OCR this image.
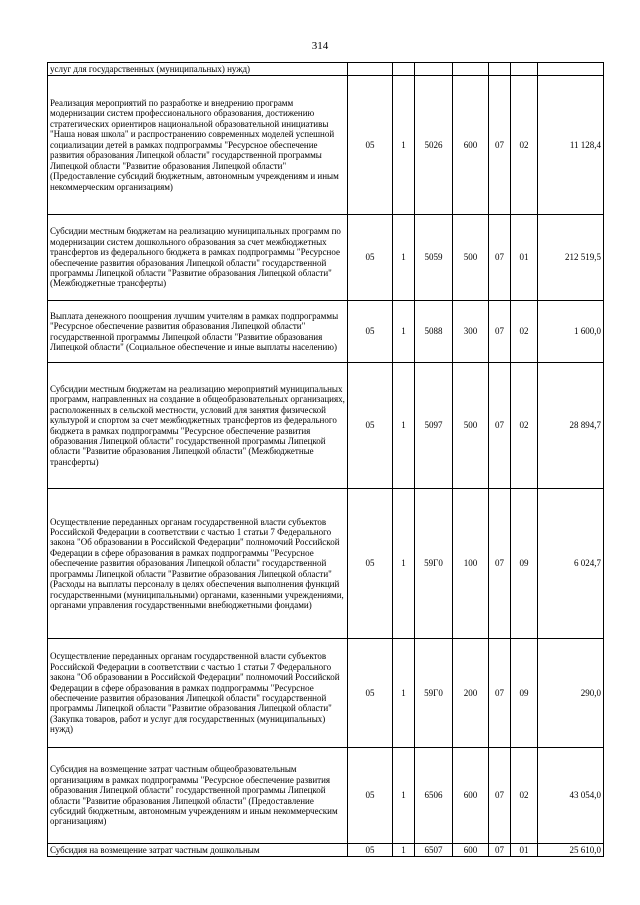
314
услуг для государственных (муниципальных) нужд)							
Реализация мероприятий по разработке и внедрению программ модернизации систем профессионального образования, достижению стратегических ориентиров национальной образовательной инициативы "Наша новая школа" и распространению современных моделей успешной социализации детей в рамках подпрограммы "Ресурсное обеспечение развития образования Липецкой области" государственной программы Липецкой области "Развитие образования Липецкой области" (Предоставление субсидий бюджетным, автономным учреждениям и иным некоммерческим организациям)	05	1	5026	600	07	02	11 128,4
Субсидии местным бюджетам на реализацию муниципальных программ по модернизации систем дошкольного образования за счет межбюджетных трансфертов из федерального бюджета в рамках подпрограммы "Ресурсное обеспечение развития образования Липецкой области" государственной программы Липецкой области "Развитие образования Липецкой области" (Межбюджетные трансферты)	05	1	5059	500	07	01	212 519,5
Выплата денежного поощрения лучшим учителям в рамках подпрограммы "Ресурсное обеспечение развития образования Липецкой области" государственной программы Липецкой области "Развитие образования Липецкой области" (Социальное обеспечение и иные выплаты населению)	05	1	5088	300	07	02	1 600,0
Субсидии местным бюджетам на реализацию мероприятий муниципальных программ, направленных на создание в общеобразовательных организациях, расположенных в сельской местности, условий для занятия физической культурой и спортом за счет межбюджетных трансфертов из федерального бюджета в рамках подпрограммы "Ресурсное обеспечение развития образования Липецкой области" государственной программы Липецкой области "Развитие образования Липецкой области" (Межбюджетные трансферты)	05	1	5097	500	07	02	28 894,7
Осуществление переданных органам государственной власти субъектов Российской Федерации в соответствии с частью 1 статьи 7 Федерального закона "Об образовании в Российской Федерации" полномочий Российской Федерации в сфере образования в рамках подпрограммы "Ресурсное обеспечение развития образования Липецкой области" государственной программы Липецкой области "Развитие образования Липецкой области" (Расходы на выплаты персоналу в целях обеспечения выполнения функций государственными (муниципальными) органами, казенными учреждениями, органами управления государственными внебюджетными фондами)	05	1	59Г0	100	07	09	6 024,7
Осуществление переданных органам государственной власти субъектов Российской Федерации в соответствии с частью 1 статьи 7 Федерального закона "Об образовании в Российской Федерации" полномочий Российской Федерации в сфере образования в рамках подпрограммы "Ресурсное обеспечение развития образования Липецкой области" государственной программы Липецкой области "Развитие образования Липецкой области" (Закупка товаров, работ и услуг для государственных (муниципальных) нужд)	05	1	59Г0	200	07	09	290,0
Субсидия на возмещение затрат частным общеобразовательным организациям в рамках подпрограммы "Ресурсное обеспечение развития образования Липецкой области" государственной программы Липецкой области "Развитие образования Липецкой области" (Предоставление субсидий бюджетным, автономным учреждениям и иным некоммерческим организациям)	05	1	6506	600	07	02	43 054,0
Субсидия на возмещение затрат частным дошкольным	05	1	6507	600	07	01	25 610,0
